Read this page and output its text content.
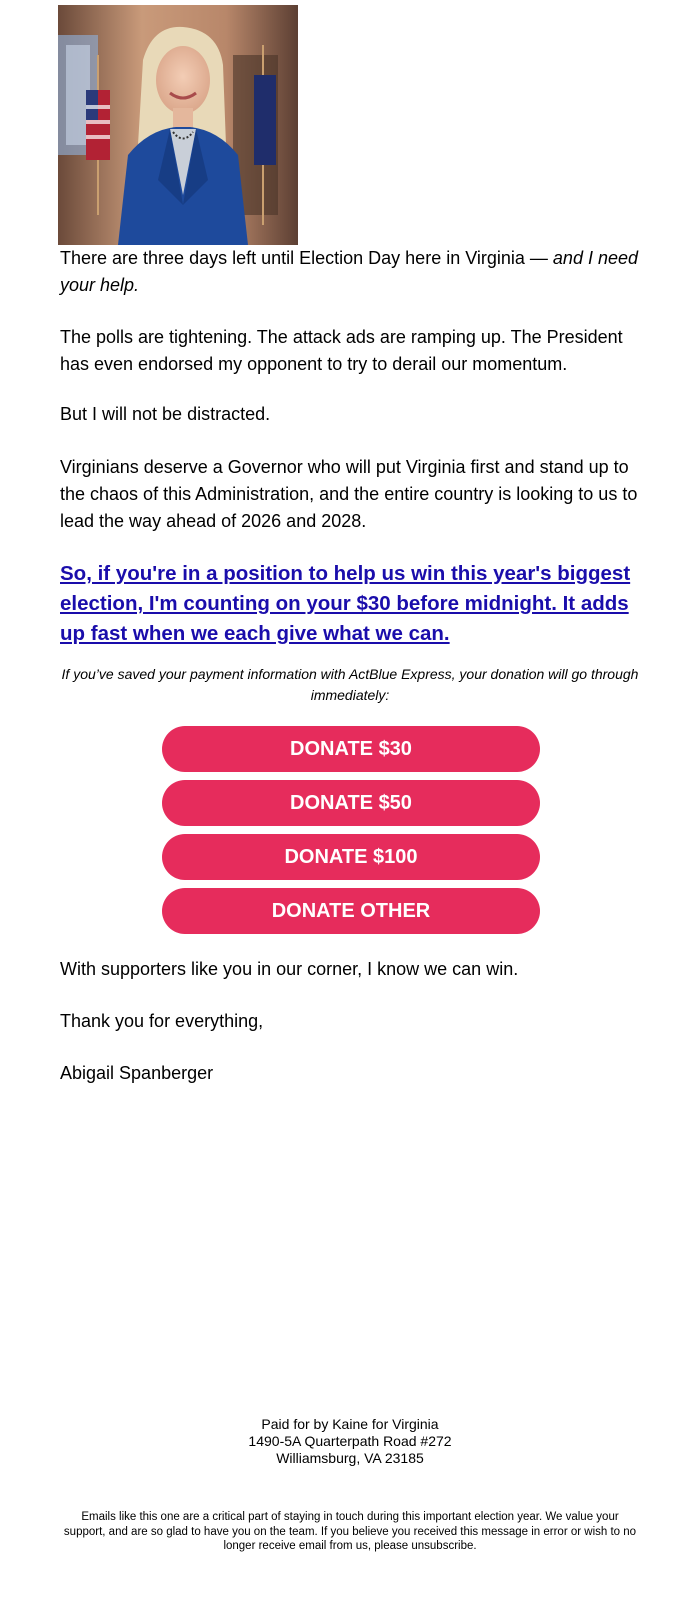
There are three days left until Election Day here in Virginia — and I need your help.

The polls are tightening. The attack ads are ramping up. The President has even endorsed my opponent to try to derail our momentum.

But I will not be distracted.

Virginians deserve a Governor who will put Virginia first and stand up to the chaos of this Administration, and the entire country is looking to us to lead the way ahead of 2026 and 2028.

So, if you're in a position to help us win this year's biggest election, I'm counting on your $30 before midnight. It adds up fast when we each give what we can.
If you’ve saved your payment information with ActBlue Express, your donation will go through immediately:
DONATE $30
DONATE $50
DONATE $100
DONATE OTHER

With supporters like you in our corner, I know we can win.

Thank you for everything,

Abigail Spanberger

Paid for by Kaine for Virginia
1490-5A Quarterpath Road #272
Williamsburg, VA 23185
Emails like this one are a critical part of staying in touch during this important election year. We value your support, and are so glad to have you on the team. If you believe you received this message in error or wish to no longer receive email from us, please unsubscribe.
